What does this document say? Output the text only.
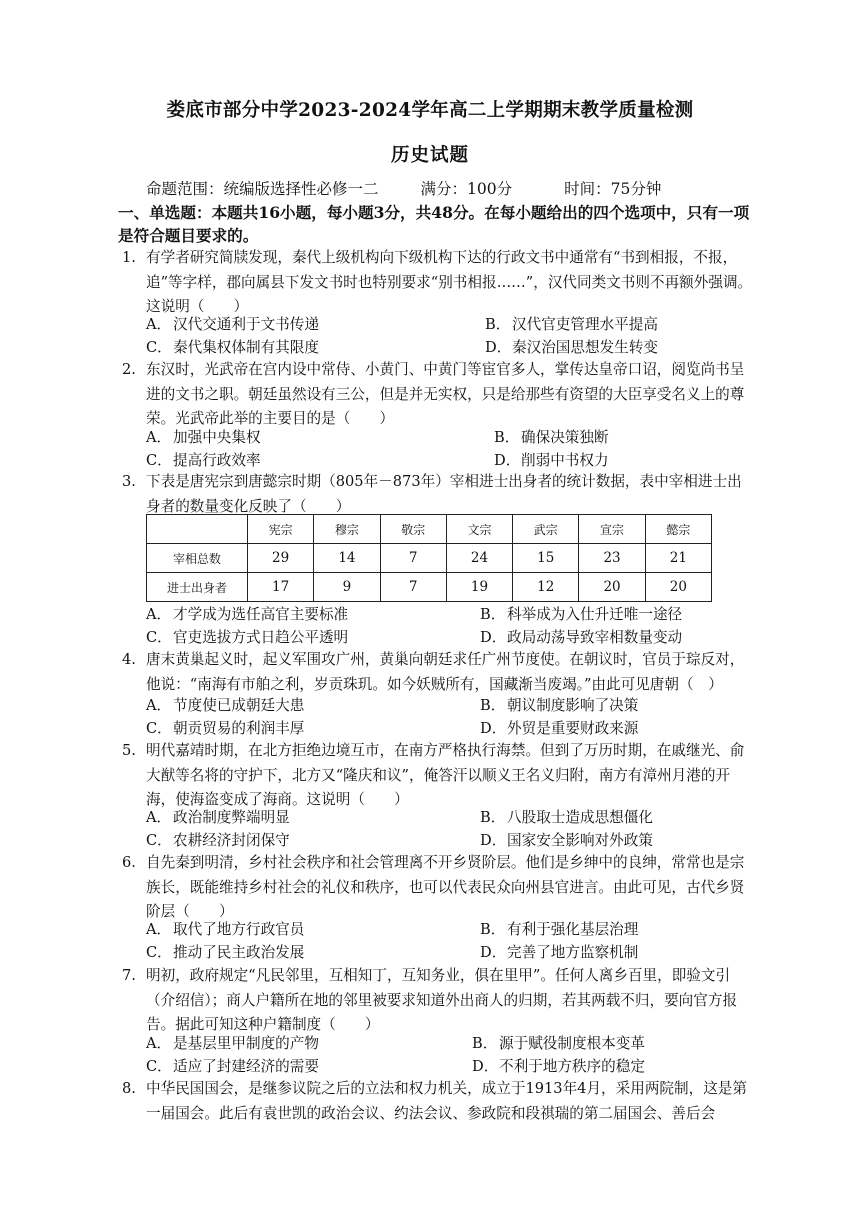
娄底市部分中学2023-2024学年高二上学期期末教学质量检测
历史试题
命题范围：统编版选择性必修一二	满分：100分	时间：75分钟
一、单选题：本题共16小题，每小题3分，共48分。在每小题给出的四个选项中，只有一项是符合题目要求的。
1. 有学者研究简牍发现，秦代上级机构向下级机构下达的行政文书中通常有“书到相报，不报，追”等字样，郡向属县下发文书时也特别要求“别书相报……”，汉代同类文书则不再额外强调。这说明（　　）
A． 汉代交通利于文书传递	B． 汉代官吏管理水平提高
C．秦代集权体制有其限度	D．秦汉治国思想发生转变
2. 东汉时，光武帝在宫内设中常侍、小黄门、中黄门等宦官多人，掌传达皇帝口诏，阅览尚书呈进的文书之职。朝廷虽然设有三公，但是并无实权，只是给那些有资望的大臣享受名义上的尊荣。光武帝此举的主要目的是（　　）
A． 加强中央集权	B． 确保决策独断
C．提高行政效率	D．削弱中书权力
3. 下表是唐宪宗到唐懿宗时期（805年－873年）宰相进士出身者的统计数据，表中宰相进士出身者的数量变化反映了（　　）
	宪宗	穆宗	敬宗	文宗	武宗	宣宗	懿宗
宰相总数	29	14	7	24	15	23	21
进士出身者	17	9	7	19	12	20	20
A． 才学成为选任高官主要标准	B． 科举成为入仕升迁唯一途径
C．官吏选拔方式日趋公平透明	D．政局动荡导致宰相数量变动
4. 唐末黄巢起义时，起义军围攻广州，黄巢向朝廷求任广州节度使。在朝议时，官员于琮反对，他说：“南海有市舶之利，岁贡珠玑。如今妖贼所有，国藏渐当废竭。”由此可见唐朝（　）
A． 节度使已成朝廷大患	B． 朝议制度影响了决策
C．朝贡贸易的利润丰厚	D．外贸是重要财政来源
5. 明代嘉靖时期，在北方拒绝边境互市，在南方严格执行海禁。但到了万历时期，在戚继光、俞大猷等名将的守护下，北方又“隆庆和议”，俺答汗以顺义王名义归附，南方有漳州月港的开海，使海盗变成了海商。这说明（　　）
A． 政治制度弊端明显	B． 八股取士造成思想僵化
C．农耕经济封闭保守	D．国家安全影响对外政策
6. 自先秦到明清，乡村社会秩序和社会管理离不开乡贤阶层。他们是乡绅中的良绅，常常也是宗族长，既能维持乡村社会的礼仪和秩序，也可以代表民众向州县官进言。由此可见，古代乡贤阶层（　　）
A． 取代了地方行政官员	B． 有利于强化基层治理
C．推动了民主政治发展	D．完善了地方监察机制
7. 明初，政府规定“凡民邻里，互相知丁，互知务业，俱在里甲”。任何人离乡百里，即验文引（介绍信）；商人户籍所在地的邻里被要求知道外出商人的归期，若其两载不归，要向官方报告。据此可知这种户籍制度（　　）
A． 是基层里甲制度的产物	B． 源于赋役制度根本变革
C．适应了封建经济的需要	D．不利于地方秩序的稳定
8. 中华民国国会，是继参议院之后的立法和权力机关，成立于1913年4月，采用两院制，这是第一届国会。此后有袁世凯的政治会议、约法会议、参政院和段祺瑞的第二届国会、善后会
